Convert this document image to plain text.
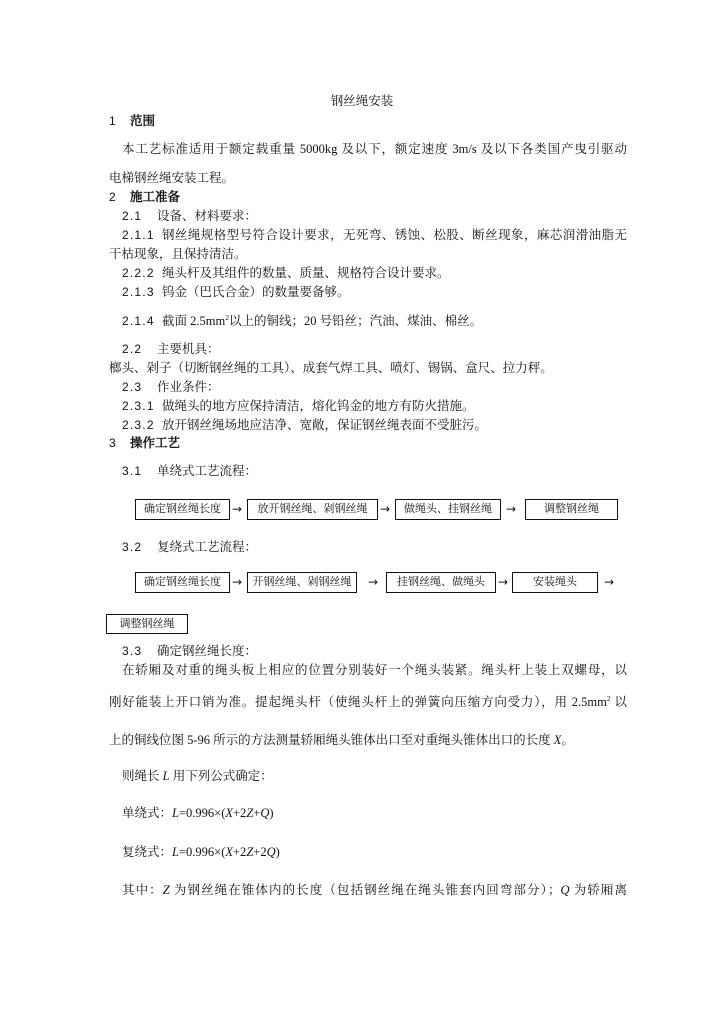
钢丝绳安装
1 范围
本工艺标准适用于额定载重量 5000kg 及以下，额定速度 3m/s 及以下各类国产曳引驱动
电梯钢丝绳安装工程。
2 施工准备
2.1 设备、材料要求：
2.1.1 钢丝绳规格型号符合设计要求，无死弯、锈蚀、松股、断丝现象，麻芯润滑油脂无
干枯现象，且保持清洁。
2.2.2 绳头杆及其组件的数量、质量、规格符合设计要求。
2.1.3 钨金（巴氏合金）的数量要备够。
2.1.4 截面 $2.5mm^2$以上的铜线；20 号铅丝；汽油、煤油、棉丝。
2.2 主要机具：
榔头、剁子（切断钢丝绳的工具）、成套气焊工具、喷灯、锡锅、盒尺、拉力秤。
2.3 作业条件：
2.3.1 做绳头的地方应保持清洁，熔化钨金的地方有防火措施。
2.3.2 放开钢丝绳场地应洁净、宽敞，保证钢丝绳表面不受脏污。
3 操作工艺
3.1 单绕式工艺流程：
确定钢丝绳长度 →	放开钢丝绳、剁钢丝绳	→	做绳头、挂钢丝绳	→	调整钢丝绳
3.2 复绕式工艺流程：
确定钢丝绳长度 → 开钢丝绳、剁钢丝绳	→	挂钢丝绳、做绳头	→	安装绳头	→
调整钢丝绳
3.3 确定钢丝绳长度：
在轿厢及对重的绳头板上相应的位置分别装好一个绳头装紧。绳头杆上装上双螺母，以
刚好能装上开口销为准。提起绳头杆（使绳头杆上的弹簧向压缩方向受力），用 $2.5mm^2$ 以
上的铜线位图 5-96 所示的方法测量轿厢绳头锥体出口至对重绳头锥体出口的长度 X。
则绳长 L 用下列公式确定：
单绕式：L=0.996×(X+2Z+Q)
复绕式：L=0.996×(X+2Z+2Q)
其中：Z 为钢丝绳在锥体内的长度（包括钢丝绳在绳头锥套内回弯部分）；Q 为轿厢离
